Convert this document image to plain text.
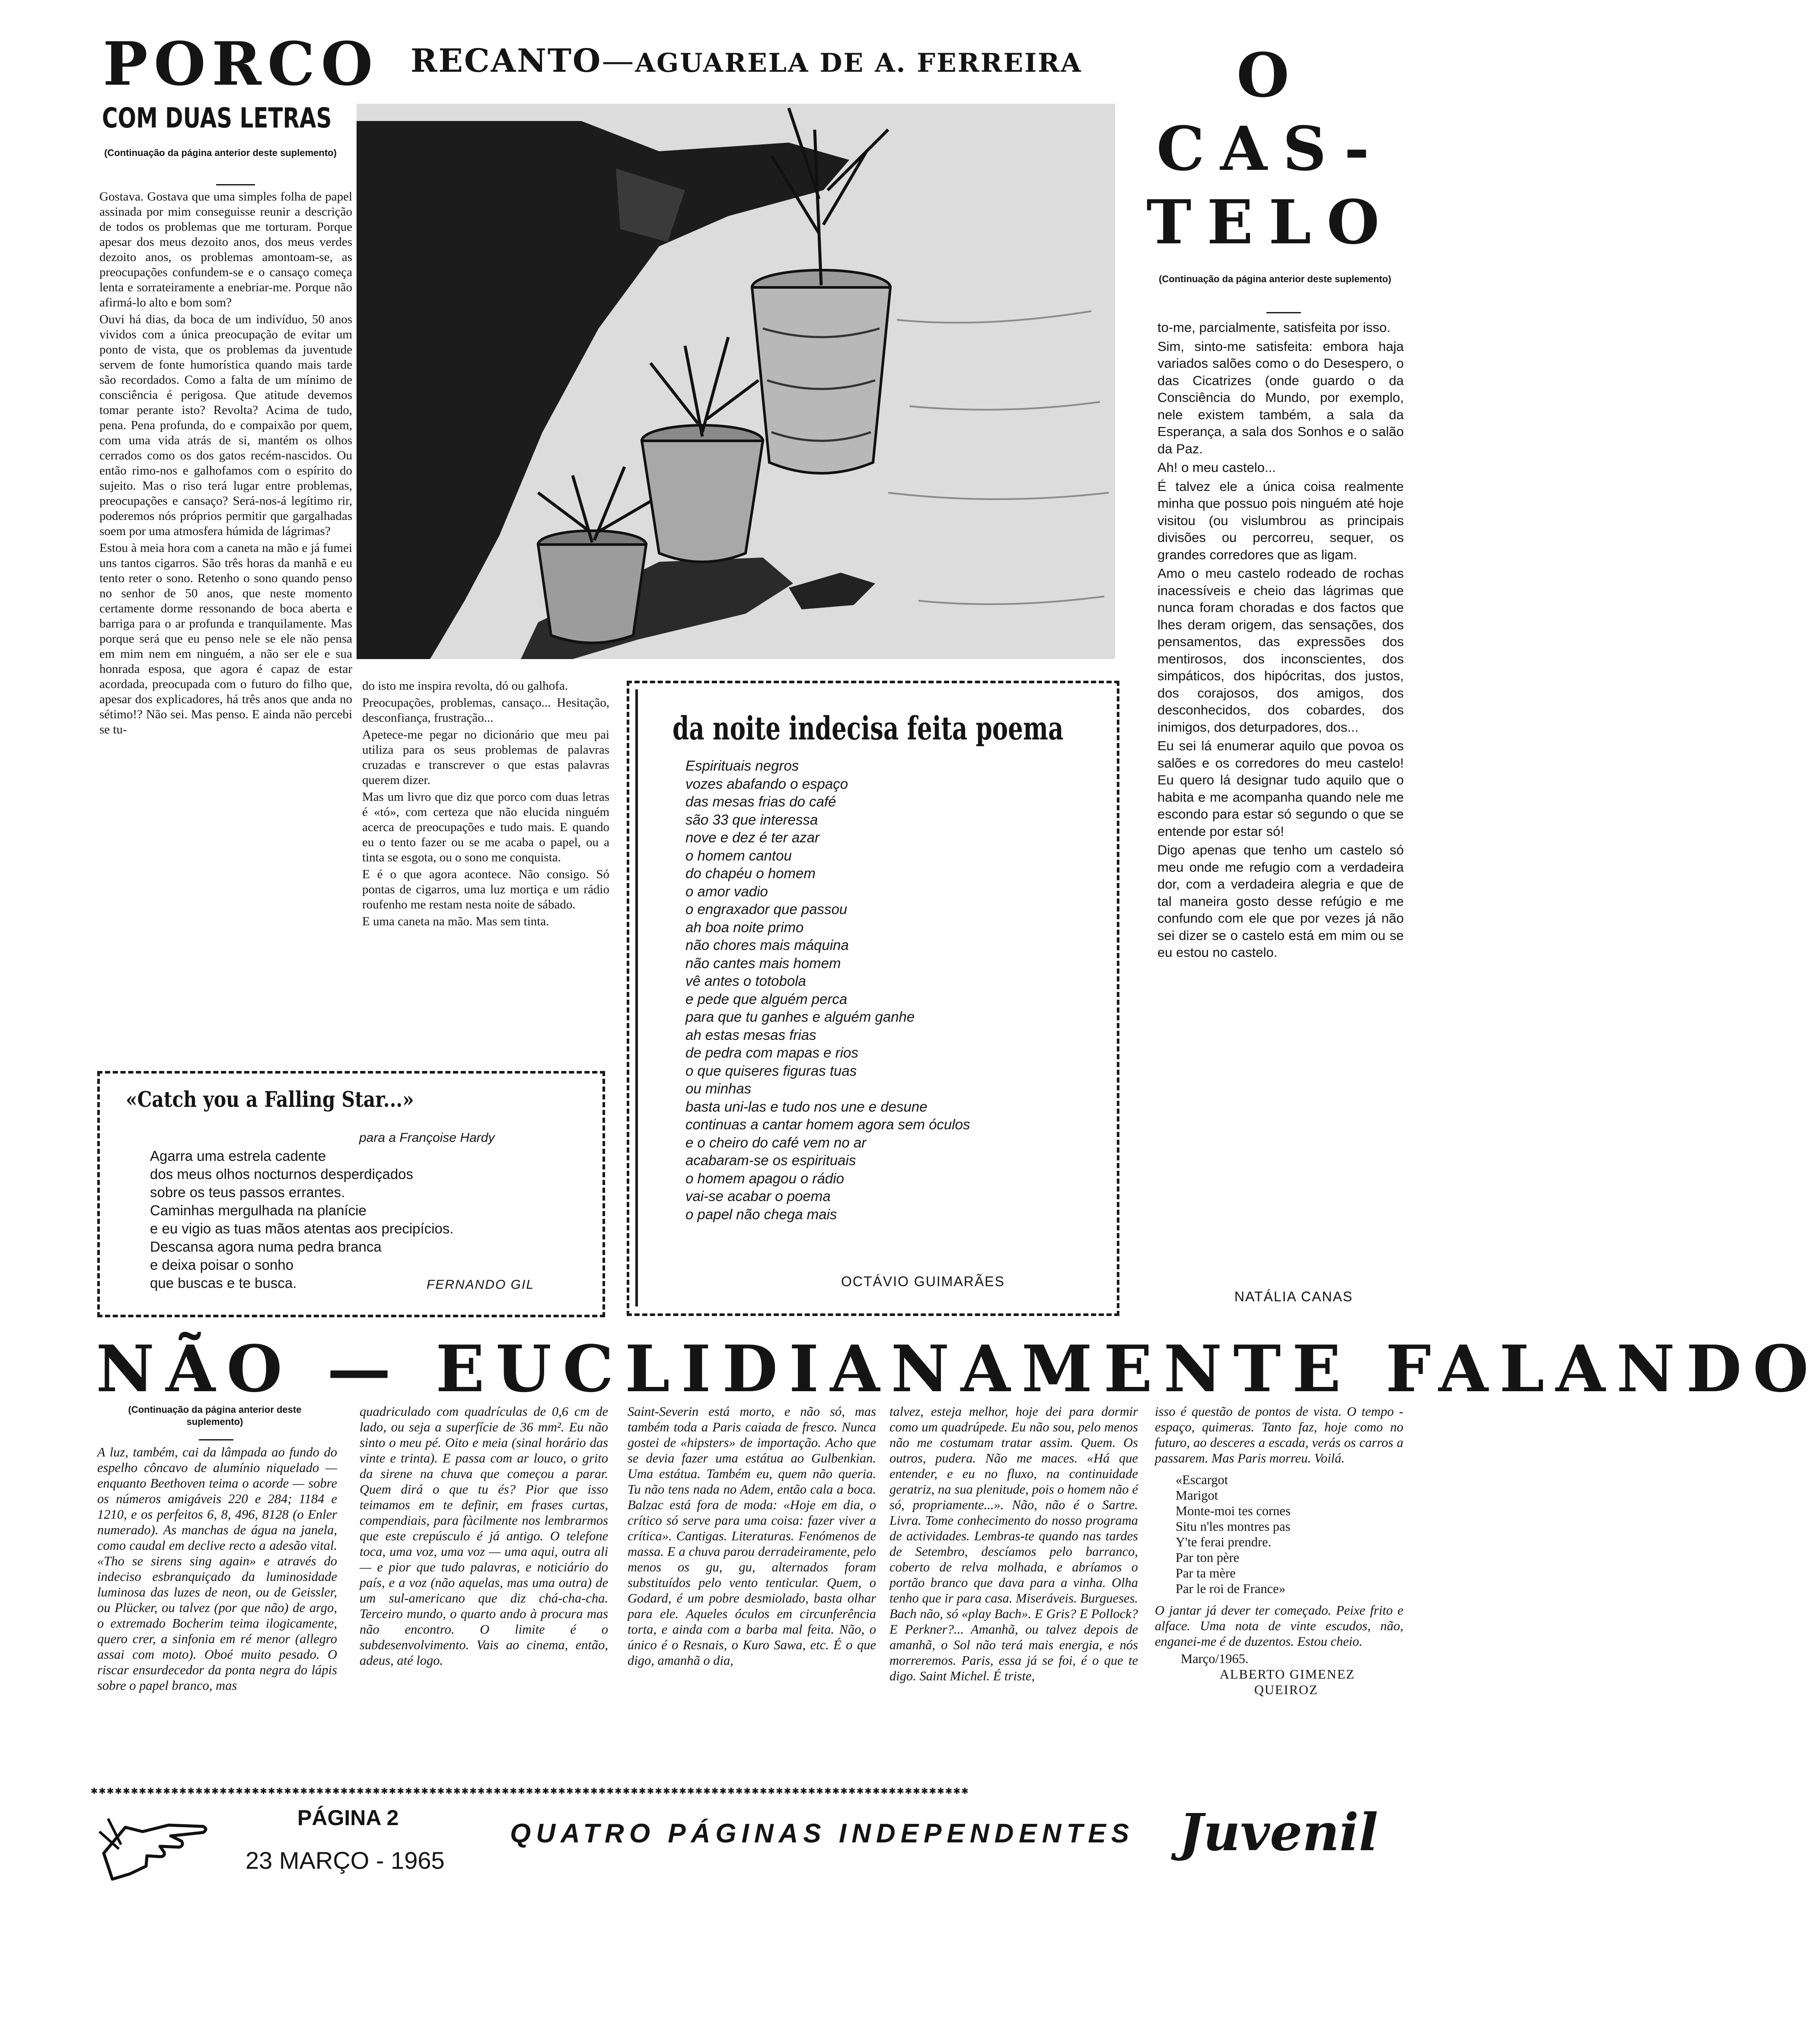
PORCO
COM DUAS LETRAS
(Continuação da página anterior deste suplemento)

Gostava. Gostava que uma simples folha de papel assinada por mim conseguisse reunir a descrição de todos os problemas que me torturam. Porque apesar dos meus dezoito anos, dos meus verdes dezoito anos, os problemas amontoam-se, as preocupações confundem-se e o cansaço começa lenta e sorrateiramente a enebriar-me. Porque não afirmá-lo alto e bom som?

Ouvi há dias, da boca de um indivíduo, 50 anos vividos com a única preocupação de evitar um ponto de vista, que os problemas da juventude servem de fonte humorística quando mais tarde são recordados. Como a falta de um mínimo de consciência é perigosa. Que atitude devemos tomar perante isto? Revolta? Acima de tudo, pena. Pena profunda, do e compaixão por quem, com uma vida atrás de si, mantém os olhos cerrados como os dos gatos recém-nascidos. Ou então rimo-nos e galhofamos com o espírito do sujeito. Mas o riso terá lugar entre problemas, preocupações e cansaço? Será-nos-á legítimo rir, poderemos nós próprios permitir que gargalhadas soem por uma atmosfera húmida de lágrimas?

Estou à meia hora com a caneta na mão e já fumei uns tantos cigarros. São três horas da manhã e eu tento reter o sono. Retenho o sono quando penso no senhor de 50 anos, que neste momento certamente dorme ressonando de boca aberta e barriga para o ar profunda e tranquilamente. Mas porque será que eu penso nele se ele não pensa em mim nem em ninguém, a não ser ele e sua honrada esposa, que agora é capaz de estar acordada, preocupada com o futuro do filho que, apesar dos explicadores, há três anos que anda no sétimo!? Não sei. Mas penso. E ainda não percebi se tu-

do isto me inspira revolta, dó ou galhofa.

Preocupações, problemas, cansaço... Hesitação, desconfiança, frustração...

Apetece-me pegar no dicionário que meu pai utiliza para os seus problemas de palavras cruzadas e transcrever o que estas palavras querem dizer.

Mas um livro que diz que porco com duas letras é «tó», com certeza que não elucida ninguém acerca de preocupações e tudo mais. E quando eu o tento fazer ou se me acaba o papel, ou a tinta se esgota, ou o sono me conquista.

E é o que agora acontece. Não consigo. Só pontas de cigarros, uma luz mortiça e um rádio roufenho me restam nesta noite de sábado.

E uma caneta na mão. Mas sem tinta.

RECANTO—AGUARELA DE A. FERREIRA
«Catch you a Falling Star...»
para a Françoise Hardy
Agarra uma estrela cadente
dos meus olhos nocturnos desperdiçados
sobre os teus passos errantes.
Caminhas mergulhada na planície
e eu vigio as tuas mãos atentas aos precipícios.
Descansa agora numa pedra branca
e deixa poisar o sonho
que buscas e te busca.	FERNANDO GIL
da noite indecisa feita poema
Espirituais negros
vozes abafando o espaço
das mesas frias do café
são 33 que interessa
nove e dez é ter azar
o homem cantou
do chapéu o homem
o amor vadio
o engraxador que passou
ah boa noite primo
não chores mais máquina
não cantes mais homem
vê antes o totobola
e pede que alguém perca
para que tu ganhes e alguém ganhe
ah estas mesas frias
de pedra com mapas e rios
o que quiseres figuras tuas
ou minhas
basta uni-las e tudo nos une e desune
continuas a cantar homem agora sem óculos
e o cheiro do café vem no ar
acabaram-se os espirituais
o homem apagou o rádio
vai-se acabar o poema
o papel não chega mais
OCTÁVIO GUIMARÃES
O
CAS-
TELO
(Continuação da página anterior deste suplemento)

to-me, parcialmente, satisfeita por isso.

Sim, sinto-me satisfeita: embora haja variados salões como o do Desespero, o das Cicatrizes (onde guardo o da Consciência do Mundo, por exemplo, nele existem também, a sala da Esperança, a sala dos Sonhos e o salão da Paz.

Ah! o meu castelo...

É talvez ele a única coisa realmente minha que possuo pois ninguém até hoje visitou (ou vislumbrou as principais divisões ou percorreu, sequer, os grandes corredores que as ligam.

Amo o meu castelo rodeado de rochas inacessíveis e cheio das lágrimas que nunca foram choradas e dos factos que lhes deram origem, das sensações, dos pensamentos, das expressões dos mentirosos, dos inconscientes, dos simpáticos, dos hipócritas, dos justos, dos corajosos, dos amigos, dos desconhecidos, dos cobardes, dos inimigos, dos deturpadores, dos...

Eu sei lá enumerar aquilo que povoa os salões e os corredores do meu castelo! Eu quero lá designar tudo aquilo que o habita e me acompanha quando nele me escondo para estar só segundo o que se entende por estar só!

Digo apenas que tenho um castelo só meu onde me refugio com a verdadeira dor, com a verdadeira alegria e que de tal maneira gosto desse refúgio e me confundo com ele que por vezes já não sei dizer se o castelo está em mim ou se eu estou no castelo.

NATÁLIA CANAS
NÃO — EUCLIDIANAMENTE FALANDO
(Continuação da página anterior deste suplemento)
A luz, também, cai da lâmpada ao fundo do espelho côncavo de alumínio niquelado — enquanto Beethoven teima o acorde — sobre os números amigáveis 220 e 284; 1184 e 1210, e os perfeitos 6, 8, 496, 8128 (o Enler numerado). As manchas de água na janela, como caudal em declive recto a adesão vital. «Tho se sirens sing again» e através do indeciso esbranquiçado da luminosidade luminosa das luzes de neon, ou de Geissler, ou Plücker, ou talvez (por que não) de argo, o extremado Bocherim teima ilogicamente, quero crer, a sinfonia em ré menor (allegro assai com moto). Oboé muito pesado. O riscar ensurdecedor da ponta negra do lápis sobre o papel branco, mas
quadriculado com quadrículas de 0,6 cm de lado, ou seja a superfície de 36 mm². Eu não sinto o meu pé. Oito e meia (sinal horário das vinte e trinta). E passa com ar louco, o grito da sirene na chuva que começou a parar. Quem dirá o que tu és? Pior que isso teimamos em te definir, em frases curtas, compendiais, para fàcilmente nos lembrarmos que este crepúsculo é já antigo. O telefone toca, uma voz, uma voz — uma aqui, outra ali — e pior que tudo palavras, e noticiário do país, e a voz (não aquelas, mas uma outra) de um sul-americano que diz chá-cha-cha. Terceiro mundo, o quarto ando à procura mas não encontro. O limite é o subdesenvolvimento. Vais ao cinema, então, adeus, até logo.
Saint-Severin está morto, e não só, mas também toda a Paris caiada de fresco. Nunca gostei de «hipsters» de importação. Acho que se devia fazer uma estátua ao Gulbenkian. Uma estátua. Também eu, quem não queria. Tu não tens nada no Adem, então cala a boca. Balzac está fora de moda: «Hoje em dia, o crítico só serve para uma coisa: fazer viver a crítica». Cantigas. Literaturas. Fenómenos de massa. E a chuva parou derradeiramente, pelo menos os gu, gu, alternados foram substituídos pelo vento tenticular. Quem, o Godard, é um pobre desmiolado, basta olhar para ele. Aqueles óculos em circunferência torta, e ainda com a barba mal feita. Não, o único é o Resnais, o Kuro Sawa, etc. É o que digo, amanhã o dia,
talvez, esteja melhor, hoje dei para dormir como um quadrúpede. Eu não sou, pelo menos não me costumam tratar assim. Quem. Os outros, pudera. Não me maces. «Há que entender, e eu no fluxo, na continuidade geratriz, na sua plenitude, pois o homem não é só, propriamente...». Não, não é o Sartre. Livra. Tome conhecimento do nosso programa de actividades. Lembras-te quando nas tardes de Setembro, descíamos pelo barranco, coberto de relva molhada, e abríamos o portão branco que dava para a vinha. Olha tenho que ir para casa. Miseráveis. Burgueses. Bach não, só «play Bach». E Gris? E Pollock? E Perkner?... Amanhã, ou talvez depois de amanhã, o Sol não terá mais energia, e nós morreremos. Paris, essa já se foi, é o que te digo. Saint Michel. É triste,

isso é questão de pontos de vista. O tempo - espaço, quimeras. Tanto faz, hoje como no futuro, ao desceres a escada, verás os carros a passarem. Mas Paris morreu. Voilá.

«Escargot
Marigot
Monte-moi tes cornes
Situ n'les montres pas
Y'te ferai prendre.
Par ton père
Par ta mère
Par le roi de France»

O jantar já dever ter começado. Peixe frito e alface. Uma nota de vinte escudos, não, enganei-me é de duzentos. Estou cheio.

Março/1965.
ALBERTO GIMENEZ
QUEIROZ
✱✱✱✱✱✱✱✱✱✱✱✱✱✱✱✱✱✱✱✱✱✱✱✱✱✱✱✱✱✱✱✱✱✱✱✱✱✱✱✱✱✱✱✱✱✱✱✱✱✱✱✱✱✱✱✱✱✱✱✱✱✱✱✱✱✱✱✱✱✱✱✱✱✱✱✱✱✱✱✱✱✱✱✱✱✱✱✱✱✱✱✱✱✱✱✱✱✱✱✱✱✱✱✱✱✱✱✱✱
PÁGINA 2
23 MARÇO - 1965
QUATRO PÁGINAS INDEPENDENTES Juvenil
